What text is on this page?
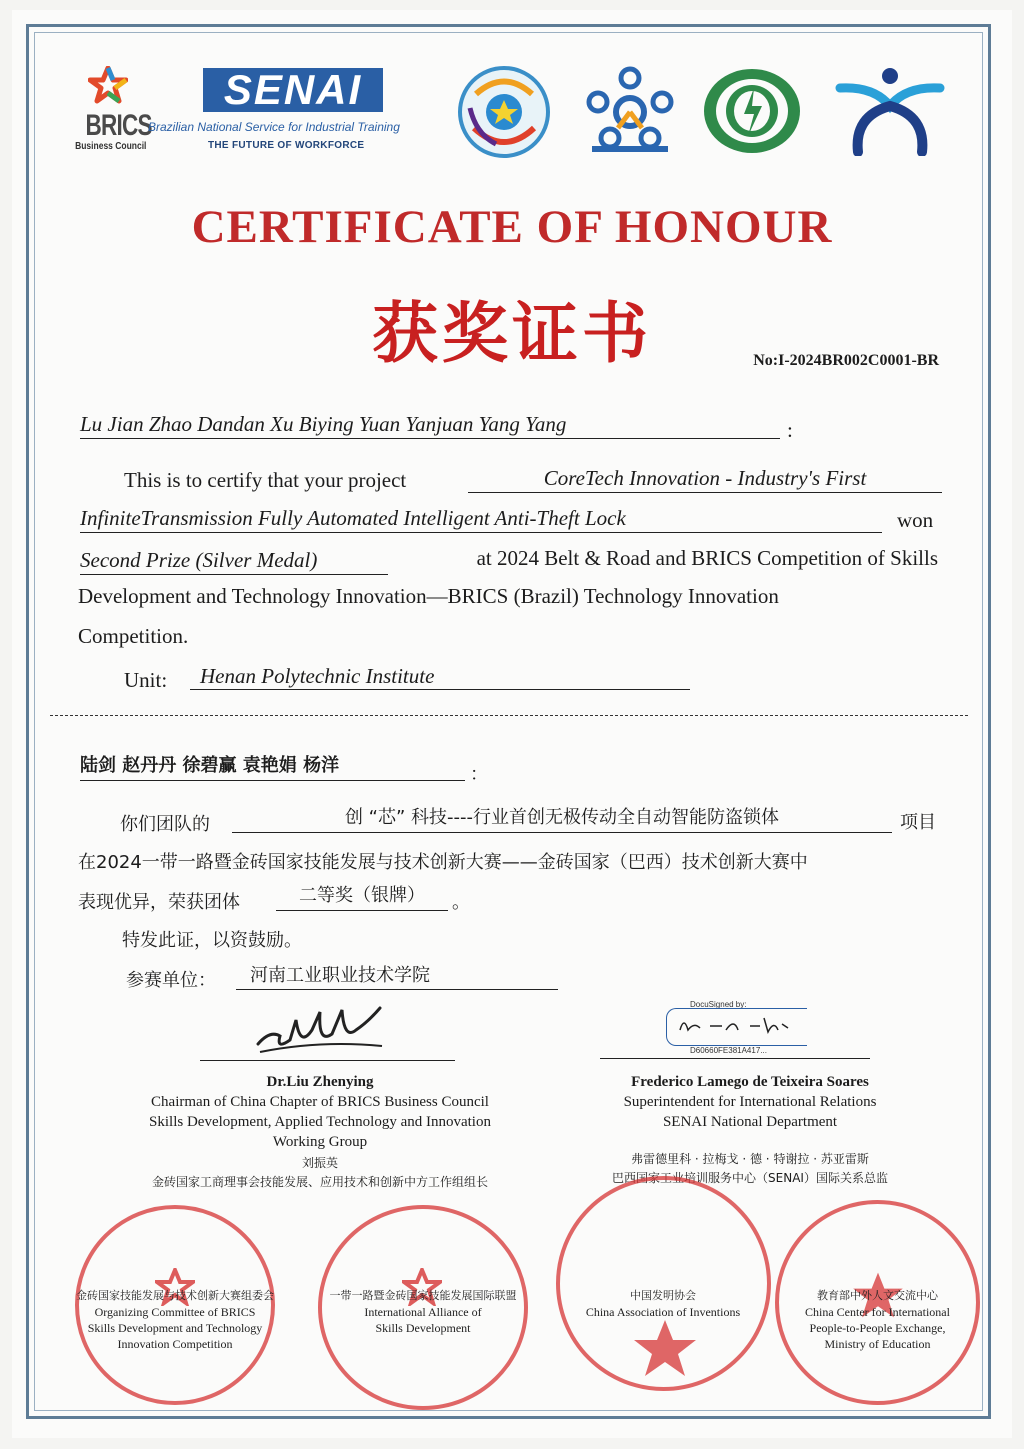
BRICS
Business Council
SENAI
Brazilian National Service for Industrial Training
THE FUTURE OF WORKFORCE
CERTIFICATE OF HONOUR
获奖证书	No:I-2024BR002C0001-BR
Lu Jian Zhao Dandan Xu Biying Yuan Yanjuan Yang Yang	:
This is to certify that your project	CoreTech Innovation - Industry's First
InfiniteTransmission Fully Automated Intelligent Anti-Theft Lock	won
Second Prize (Silver Medal)	at 2024 Belt & Road and BRICS Competition of Skills
Development and Technology Innovation—BRICS (Brazil) Technology Innovation
Competition.
Unit:	Henan Polytechnic Institute
陆剑 赵丹丹 徐碧赢 袁艳娟 杨洋	：
你们团队的	创 “芯” 科技----行业首创无极传动全自动智能防盗锁体	项目
在2024一带一路暨金砖国家技能发展与技术创新大赛——金砖国家（巴西）技术创新大赛中
表现优异，荣获团体	二等奖（银牌）	。
特发此证，以资鼓励。
参赛单位：	河南工业职业技术学院
DocuSigned by:
D60660FE381A417...
Dr.Liu Zhenying
Chairman of China Chapter of BRICS Business Council
Skills Development, Applied Technology and Innovation
Working Group
刘振英
金砖国家工商理事会技能发展、应用技术和创新中方工作组组长
Frederico Lamego de Teixeira Soares
Superintendent for International Relations
SENAI National Department
弗雷德里科 · 拉梅戈 · 德 · 特谢拉 · 苏亚雷斯
巴西国家工业培训服务中心（SENAI）国际关系总监
金砖国家技能发展与技术创新大赛组委会
Organizing Committee of BRICS
Skills Development and Technology
Innovation Competition
一带一路暨金砖国家技能发展国际联盟
International Alliance of
Skills Development
中国发明协会
China Association of Inventions
教育部中外人文交流中心
China Center for International
People-to-People Exchange,
Ministry of Education
